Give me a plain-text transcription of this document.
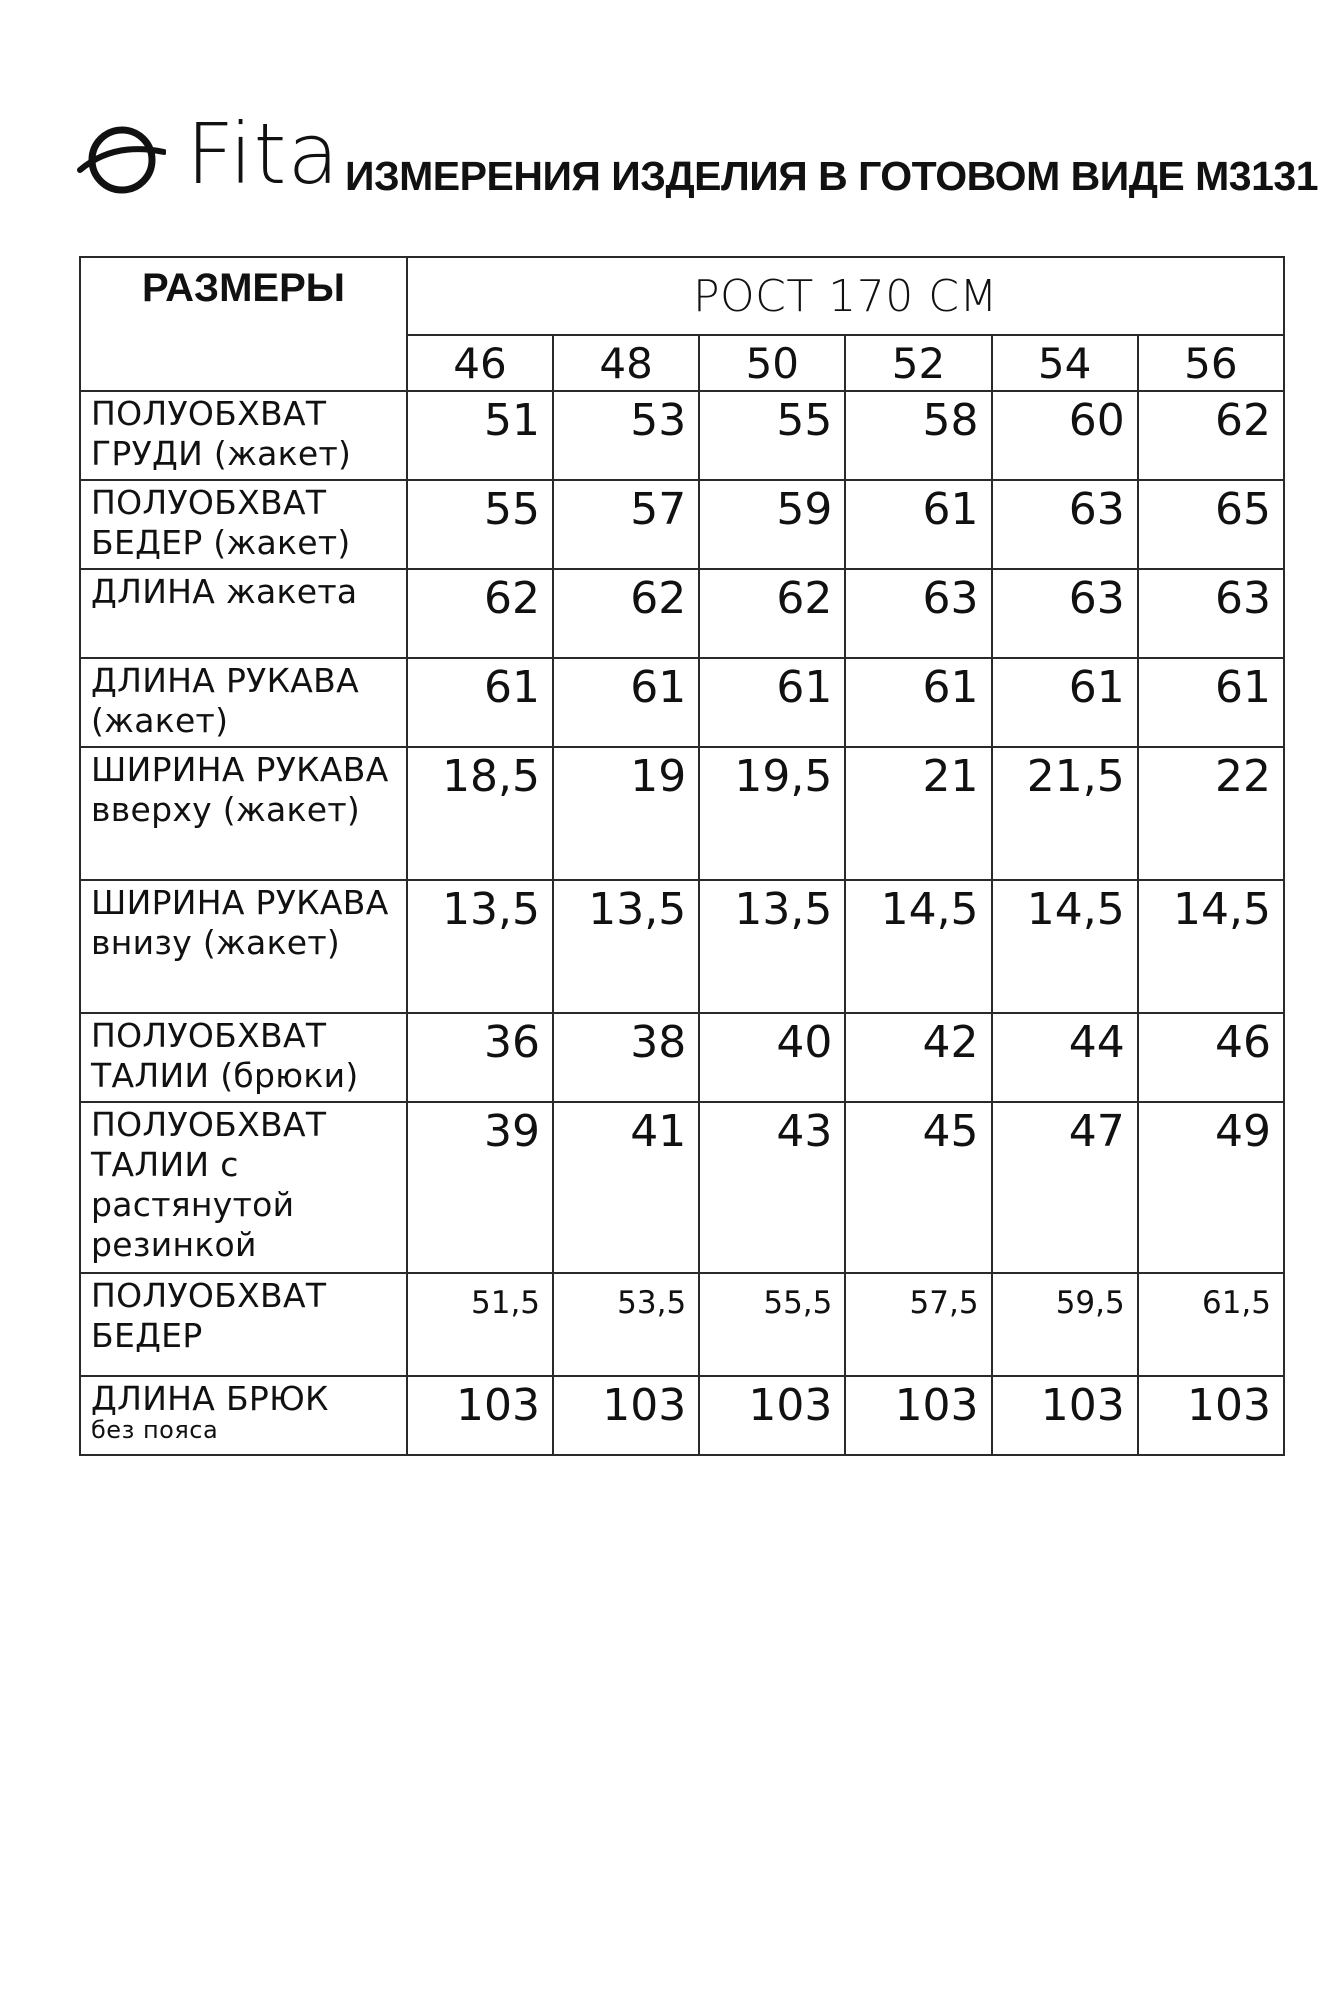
Fita ИЗМЕРЕНИЯ ИЗДЕЛИЯ В ГОТОВОМ ВИДЕ М3131
РАЗМЕРЫ	РОСТ 170 СМ					
	46	48	50	52	54	56
ПОЛУОБХВАТ ГРУДИ (жакет)	51	53	55	58	60	62
ПОЛУОБХВАТ БЕДЕР (жакет)	55	57	59	61	63	65
ДЛИНА жакета	62	62	62	63	63	63
ДЛИНА РУКАВА (жакет)	61	61	61	61	61	61
ШИРИНА РУКАВА вверху (жакет)	18,5	19	19,5	21	21,5	22
ШИРИНА РУКАВА внизу (жакет)	13,5	13,5	13,5	14,5	14,5	14,5
ПОЛУОБХВАТ ТАЛИИ (брюки)	36	38	40	42	44	46
ПОЛУОБХВАТ ТАЛИИ с растянутой резинкой	39	41	43	45	47	49
ПОЛУОБХВАТ БЕДЕР	51,5	53,5	55,5	57,5	59,5	61,5
ДЛИНА БРЮК
без пояса	103	103	103	103	103	103
